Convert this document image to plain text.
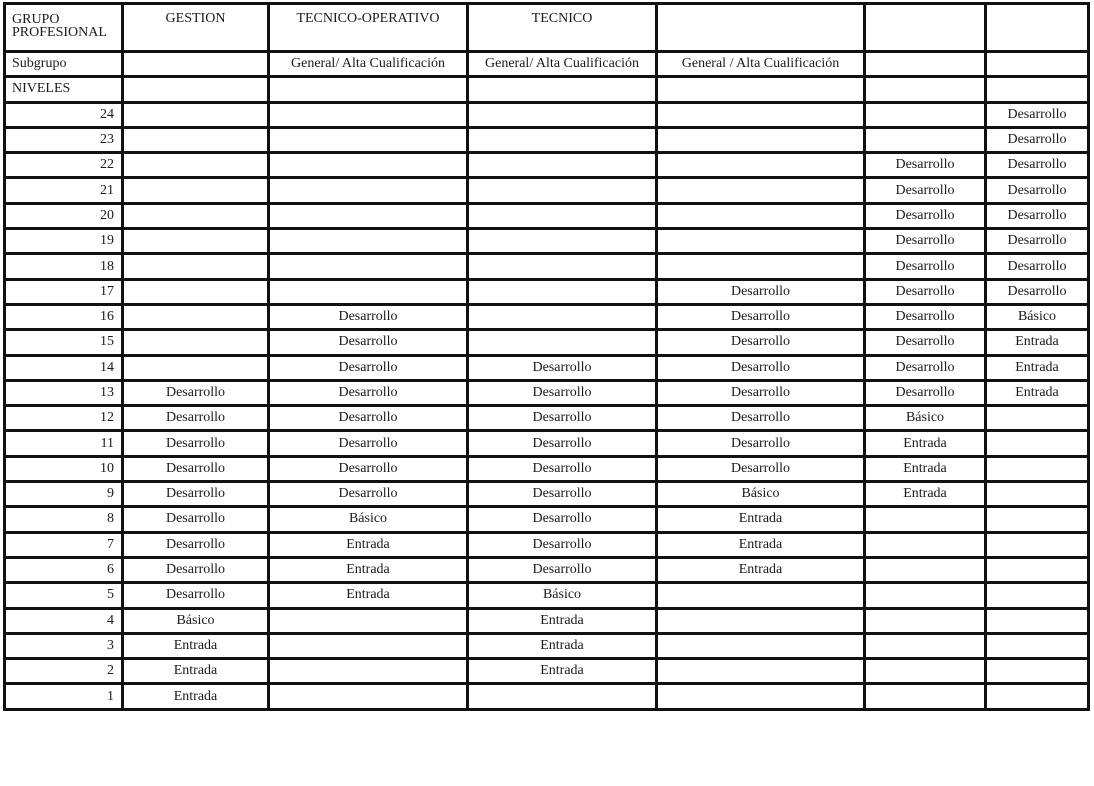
GRUPO
PROFESIONAL	GESTION	TECNICO-OPERATIVO	TECNICO			
Subgrupo		General/ Alta Cualificación	General/ Alta Cualificación	General / Alta Cualificación		
NIVELES						
24						Desarrollo
23						Desarrollo
22					Desarrollo	Desarrollo
21					Desarrollo	Desarrollo
20					Desarrollo	Desarrollo
19					Desarrollo	Desarrollo
18					Desarrollo	Desarrollo
17				Desarrollo	Desarrollo	Desarrollo
16		Desarrollo		Desarrollo	Desarrollo	Básico
15		Desarrollo		Desarrollo	Desarrollo	Entrada
14		Desarrollo	Desarrollo	Desarrollo	Desarrollo	Entrada
13	Desarrollo	Desarrollo	Desarrollo	Desarrollo	Desarrollo	Entrada
12	Desarrollo	Desarrollo	Desarrollo	Desarrollo	Básico	
11	Desarrollo	Desarrollo	Desarrollo	Desarrollo	Entrada	
10	Desarrollo	Desarrollo	Desarrollo	Desarrollo	Entrada	
9	Desarrollo	Desarrollo	Desarrollo	Básico	Entrada	
8	Desarrollo	Básico	Desarrollo	Entrada		
7	Desarrollo	Entrada	Desarrollo	Entrada		
6	Desarrollo	Entrada	Desarrollo	Entrada		
5	Desarrollo	Entrada	Básico			
4	Básico		Entrada			
3	Entrada		Entrada			
2	Entrada		Entrada			
1	Entrada					
